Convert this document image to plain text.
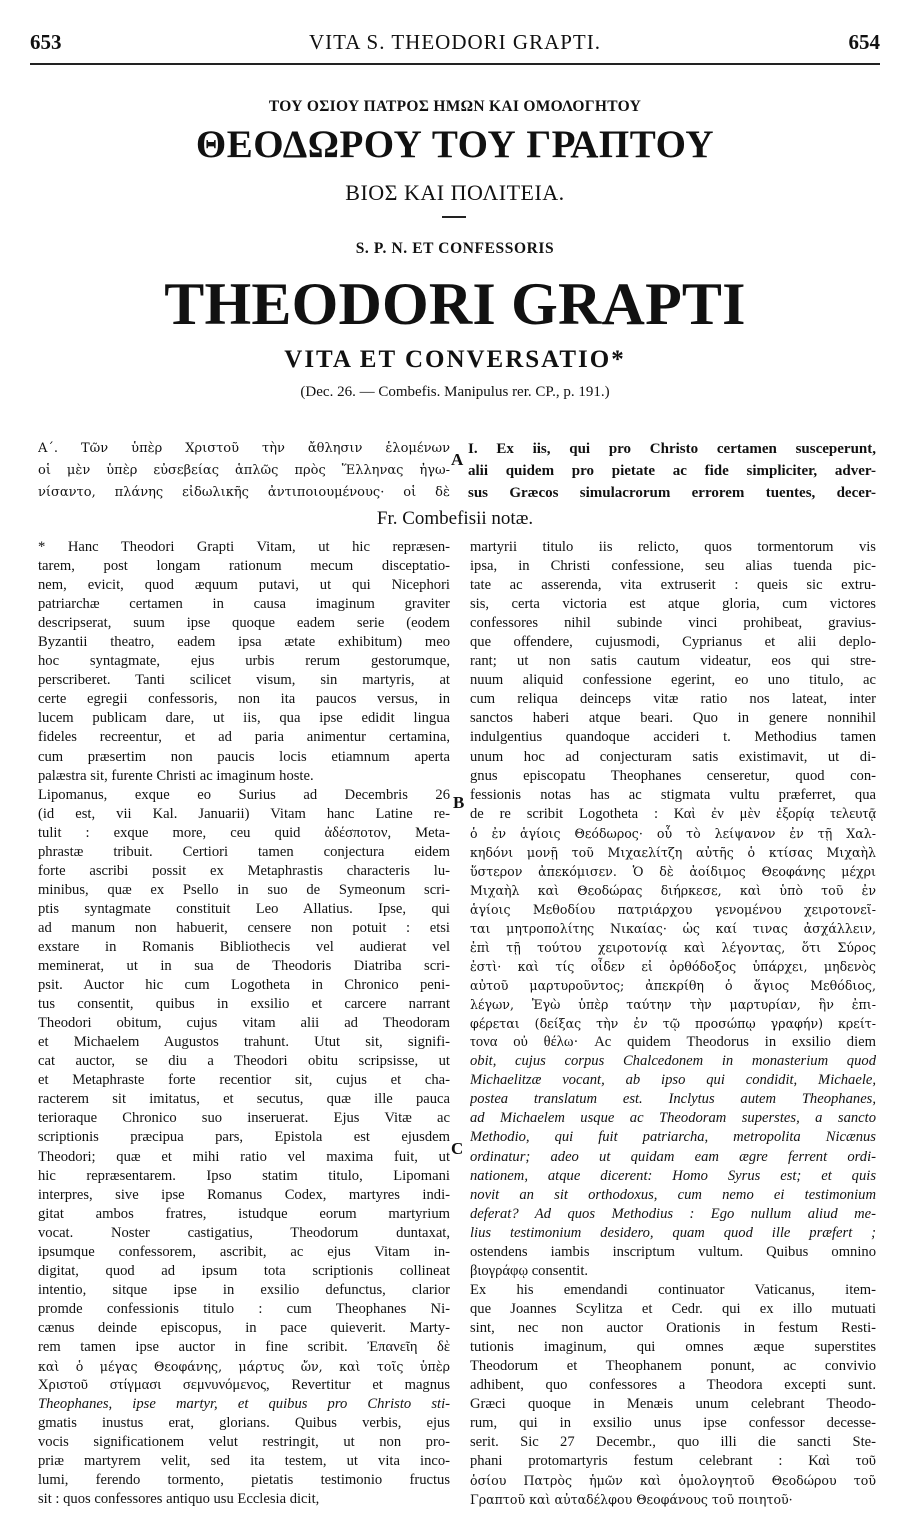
653	VITA S. THEODORI GRAPTI.	654
ΤΟΥ ΟΣΙΟΥ ΠΑΤΡΟΣ ΗΜΩΝ ΚΑΙ ΟΜΟΛΟΓΗΤΟΥ
ΘΕΟΔΩΡΟΥ ΤΟΥ ΓΡΑΠΤΟΥ
ΒΙΟΣ ΚΑΙ ΠΟΛΙΤΕΙΑ.
S. P. N. ET CONFESSORIS
THEODORI GRAPTI
VITA ET CONVERSATIO*
(Dec. 26. — Combefis. Manipulus rer. CP., p. 191.)
Α΄. Τῶν ὑπὲρ Χριστοῦ τὴν ἄθλησιν ἑλομένων
οἱ μὲν ὑπὲρ εὐσεβείας ἁπλῶς πρὸς Ἕλληνας ἠγω-
νίσαντο, πλάνης εἰδωλικῆς ἀντιποιουμένους· οἱ δὲ
I. Ex iis, qui pro Christo certamen susceperunt,
alii quidem pro pietate ac fide simpliciter, adver-
sus Græcos simulacrorum errorem tuentes, decer-
A
B
C
Fr. Combefisii notæ.
* Hanc Theodori Grapti Vitam, ut hic repræsen-
tarem, post longam rationum mecum disceptatio-
nem, evicit, quod æquum putavi, ut qui Nicephori
patriarchæ certamen in causa imaginum graviter
descripserat, suum ipse quoque eadem serie (eodem
Byzantii theatro, eadem ipsa ætate exhibitum) meo
hoc syntagmate, ejus urbis rerum gestorumque,
perscriberet. Tanti scilicet visum, sin martyris, at
certe egregii confessoris, non ita paucos versus, in
lucem publicam dare, ut iis, qua ipse edidit lingua
fideles recreentur, et ad paria animentur certamina,
cum præsertim non paucis locis etiamnum aperta
palæstra sit, furente Christi ac imaginum hoste.
Lipomanus, exque eo Surius ad Decembris 26
(id est, vii Kal. Januarii) Vitam hanc Latine re-
tulit : exque more, ceu quid ἀδέσποτον, Meta-
phrastæ tribuit. Certiori tamen conjectura eidem
forte ascribi possit ex Metaphrastis characteris lu-
minibus, quæ ex Psello in suo de Symeonum scri-
ptis syntagmate constituit Leo Allatius. Ipse, qui
ad manum non habuerit, censere non potuit : etsi
exstare in Romanis Bibliothecis vel audierat vel
meminerat, ut in sua de Theodoris Diatriba scri-
psit. Auctor hic cum Logotheta in Chronico peni-
tus consentit, quibus in exsilio et carcere narrant
Theodori obitum, cujus vitam alii ad Theodoram
et Michaelem Augustos trahunt. Utut sit, signifi-
cat auctor, se diu a Theodori obitu scripsisse, ut
et Metaphraste forte recentior sit, cujus et cha-
racterem sit imitatus, et secutus, quæ ille pauca
terioraque Chronico suo inseruerat. Ejus Vitæ ac
scriptionis præcipua pars, Epistola est ejusdem
Theodori; quæ et mihi ratio vel maxima fuit, ut
hic repræsentarem. Ipso statim titulo, Lipomani
interpres, sive ipse Romanus Codex, martyres indi-
gitat ambos fratres, istudque eorum martyrium
vocat. Noster castigatius, Theodorum duntaxat,
ipsumque confessorem, ascribit, ac ejus Vitam in-
digitat, quod ad ipsum tota scriptionis collineat
intentio, sitque ipse in exsilio defunctus, clarior
promde confessionis titulo : cum Theophanes Ni-
cænus deinde episcopus, in pace quieverit. Marty-
rem tamen ipse auctor in fine scribit. Ἐπανεῖη δὲ
καὶ ὁ μέγας Θεοφάνης, μάρτυς ὤν, καὶ τοῖς ὑπὲρ
Χριστοῦ στίγμασι σεμνυνόμενος, Revertitur et magnus
Theophanes, ipse martyr, et quibus pro Christo sti-
gmatis inustus erat, glorians. Quibus verbis, ejus
vocis significationem velut restringit, ut non pro-
priæ martyrem velit, sed ita testem, ut vita inco-
lumi, ferendo tormento, pietatis testimonio fructus
sit : quos confessores antiquo usu Ecclesia dicit,
martyrii titulo iis relicto, quos tormentorum vis
ipsa, in Christi confessione, seu alias tuenda pic-
tate ac asserenda, vita extruserit : queis sic extru-
sis, certa victoria est atque gloria, cum victores
confessores nihil subinde vinci prohibeat, gravius-
que offendere, cujusmodi, Cyprianus et alii deplo-
rant; ut non satis cautum videatur, eos qui stre-
nuum aliquid confessione egerint, eo uno titulo, ac
cum reliqua deinceps vitæ ratio nos lateat, inter
sanctos haberi atque beari. Quo in genere nonnihil
indulgentius quandoque accideri t. Methodius tamen
unum hoc ad conjecturam satis existimavit, ut di-
gnus episcopatu Theophanes censeretur, quod con-
fessionis notas has ac stigmata vultu præferret, qua
de re scribit Logotheta : Καὶ ἐν μὲν ἐξορίᾳ τελευτᾷ
ὁ ἐν ἁγίοις Θεόδωρος· οὗ τὸ λείψανον ἐν τῇ Χαλ-
κηδόνι μονῇ τοῦ Μιχαελίτζη αὐτῆς ὁ κτίσας Μιχαὴλ
ὕστερον ἀπεκόμισεν. Ὁ δὲ ἀοίδιμος Θεοφάνης μέχρι
Μιχαὴλ καὶ Θεοδώρας διήρκεσε, καὶ ὑπὸ τοῦ ἐν
ἁγίοις Μεθοδίου πατριάρχου γενομένου χειροτονεῖ-
ται μητροπολίτης Νικαίας· ὡς καί τινας ἀσχάλλειν,
ἐπὶ τῇ τούτου χειροτονίᾳ καὶ λέγοντας, ὅτι Σύρος
ἐστὶ· καὶ τίς οἶδεν εἰ ὀρθόδοξος ὑπάρχει, μηδενὸς
αὐτοῦ μαρτυροῦντος; ἀπεκρίθη ὁ ἅγιος Μεθόδιος,
λέγων, Ἐγὼ ὑπὲρ ταύτην τὴν μαρτυρίαν, ἣν ἐπι-
φέρεται (δείξας τὴν ἐν τῷ προσώπῳ γραφήν) κρείτ-
τονα οὐ θέλω· Ac quidem Theodorus in exsilio diem
obit, cujus corpus Chalcedonem in monasterium quod
Michaelitzæ vocant, ab ipso qui condidit, Michaele,
postea translatum est. Inclytus autem Theophanes,
ad Michaelem usque ac Theodoram superstes, a sancto
Methodio, qui fuit patriarcha, metropolita Nicænus
ordinatur; adeo ut quidam eam ægre ferrent ordi-
nationem, atque dicerent: Homo Syrus est; et quis
novit an sit orthodoxus, cum nemo ei testimonium
deferat? Ad quos Methodius : Ego nullum aliud me-
lius testimonium desidero, quam quod ille præfert ;
ostendens iambis inscriptum vultum. Quibus omnino
βιογράφῳ consentit.
Ex his emendandi continuator Vaticanus, item-
que Joannes Scylitza et Cedr. qui ex illo mutuati
sint, nec non auctor Orationis in festum Resti-
tutionis imaginum, qui omnes æque superstites
Theodorum et Theophanem ponunt, ac convivio
adhibent, quo confessores a Theodora excepti sunt.
Græci quoque in Menæis unum celebrant Theodo-
rum, qui in exsilio unus ipse confessor decesse-
serit. Sic 27 Decembr., quo illi die sancti Ste-
phani protomartyris festum celebrant : Καὶ τοῦ
ὁσίου Πατρὸς ἡμῶν καὶ ὁμολογητοῦ Θεοδώρου τοῦ
Γραπτοῦ καὶ αὐταδέλφου Θεοφάνους τοῦ ποιητοῦ·
